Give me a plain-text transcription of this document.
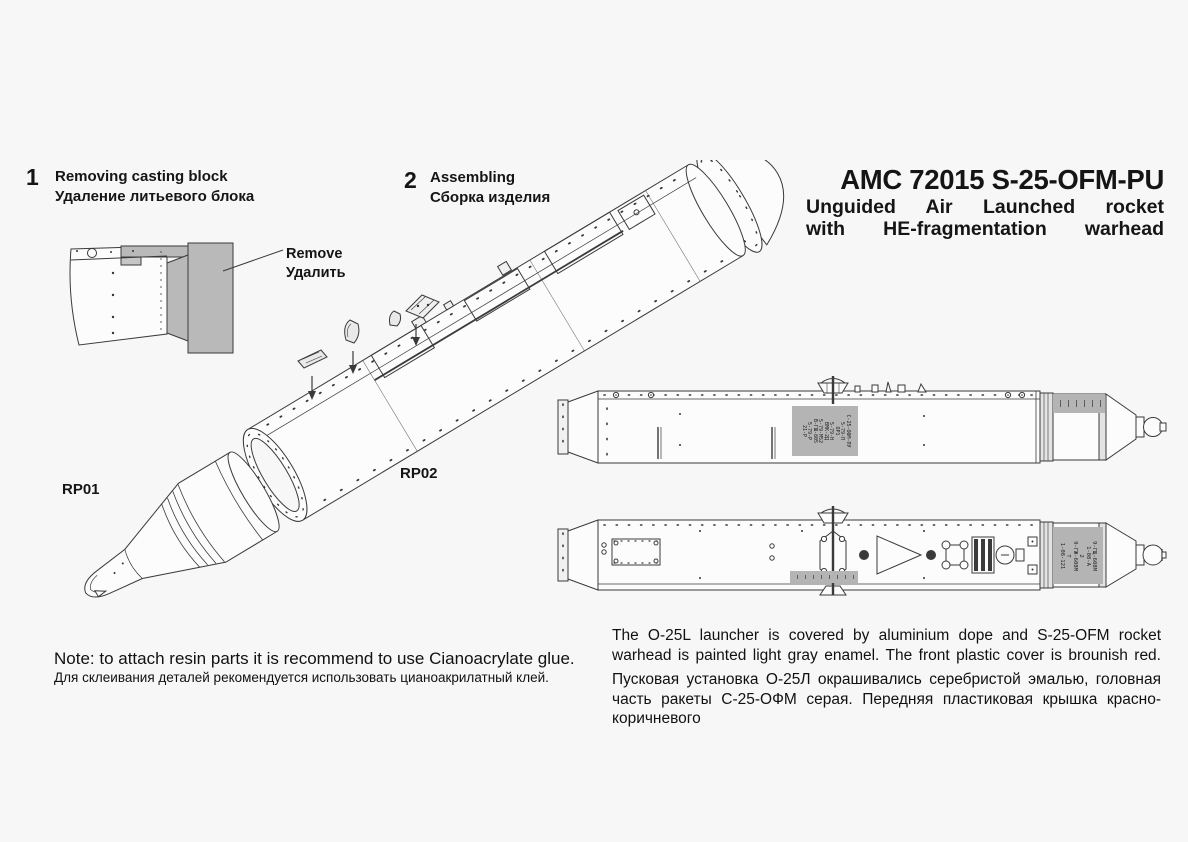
1 Removing casting block
Удаление литьевого блока
2 Assembling
Сборка изделия
AMC 72015 S-25-OFM-PU
Unguided Air Launched rocket
with HE-fragmentation warhead
Remove
Удалить
RP01
RP02
С-25-ОФМ-ПУ
5-79-П
ОР1
5-79-Н
ВМК-2Д
5-79-М52
В-ГШ-805
5-79-Р
21-Р
9-ГЩ-608М
1-08-А
2
9-ГЖ-608М
Т
1-08-121
Note: to attach resin parts it is recommend to use Cianoacrylate glue.
Для склеивания деталей рекомендуется использовать цианоакрилатный клей.
The O-25L launcher is covered by aluminium dope and S-25-OFM rocket warhead is painted light gray enamel. The front plastic cover is brounish red.
Пусковая установка О-25Л окрашивались серебристой эмалью, головная часть ракеты С-25-ОФМ серая. Передняя пластиковая крышка красно-коричневого
